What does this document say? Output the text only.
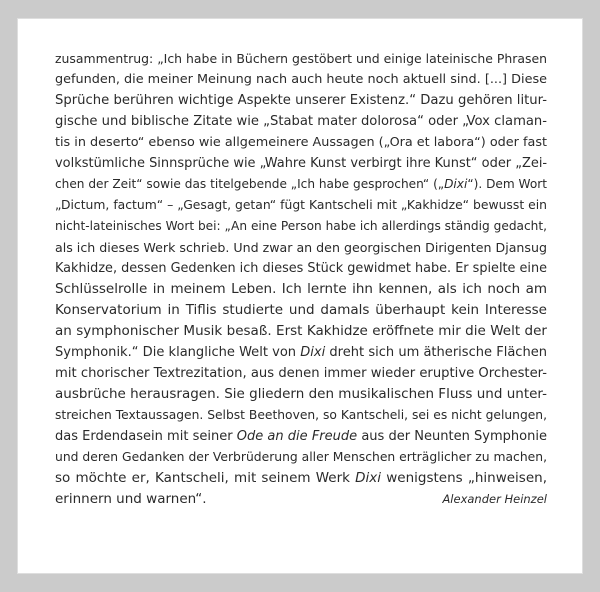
zusammentrug: „Ich habe in Büchern gestöbert und einige lateinische Phrasen
gefunden, die meiner Meinung nach auch heute noch aktuell sind. [...] Diese
Sprüche berühren wichtige Aspekte unserer Existenz.“ Dazu gehören litur-
gische und biblische Zitate wie „Stabat mater dolorosa“ oder „Vox claman-
tis in deserto“ ebenso wie allgemeinere Aussagen („Ora et labora“) oder fast
volkstümliche Sinnsprüche wie „Wahre Kunst verbirgt ihre Kunst“ oder „Zei-
chen der Zeit“ sowie das titelgebende „Ich habe gesprochen“ („Dixi“). Dem Wort
„Dictum, factum“ – „Gesagt, getan“ fügt Kantscheli mit „Kakhidze“ bewusst ein
nicht-lateinisches Wort bei: „An eine Person habe ich allerdings ständig gedacht,
als ich dieses Werk schrieb. Und zwar an den georgischen Dirigenten Djansug
Kakhidze, dessen Gedenken ich dieses Stück gewidmet habe. Er spielte eine
Schlüsselrolle in meinem Leben. Ich lernte ihn kennen, als ich noch am
Konservatorium in Tiflis studierte und damals überhaupt kein Interesse
an symphonischer Musik besaß. Erst Kakhidze eröffnete mir die Welt der
Symphonik.“ Die klangliche Welt von Dixi dreht sich um ätherische Flächen
mit chorischer Textrezitation, aus denen immer wieder eruptive Orchester-
ausbrüche herausragen. Sie gliedern den musikalischen Fluss und unter-
streichen Textaussagen. Selbst Beethoven, so Kantscheli, sei es nicht gelungen,
das Erdendasein mit seiner Ode an die Freude aus der Neunten Symphonie
und deren Gedanken der Verbrüderung aller Menschen erträglicher zu machen,
so möchte er, Kantscheli, mit seinem Werk Dixi wenigstens „hinweisen,
erinnern und warnen“.	Alexander Heinzel
